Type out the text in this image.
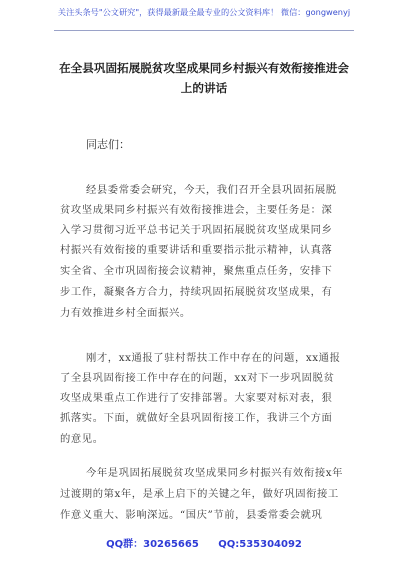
关注头条号"公文研究"，获得最新最全最专业的公文资料库！ 微信：gongwenyj
在全县巩固拓展脱贫攻坚成果同乡村振兴有效衔接推进会
上的讲话
同志们：
经县委常委会研究，今天，我们召开全县巩固拓展脱
贫攻坚成果同乡村振兴有效衔接推进会，主要任务是：深
入学习贯彻习近平总书记关于巩固拓展脱贫攻坚成果同乡
村振兴有效衔接的重要讲话和重要指示批示精神，认真落
实全省、全市巩固衔接会议精神，聚焦重点任务，安排下
步工作，凝聚各方合力，持续巩固拓展脱贫攻坚成果，有
力有效推进乡村全面振兴。
刚才，xx通报了驻村帮扶工作中存在的问题，xx通报
了全县巩固衔接工作中存在的问题，xx对下一步巩固脱贫
攻坚成果重点工作进行了安排部署。大家要对标对表，狠
抓落实。下面，就做好全县巩固衔接工作，我讲三个方面
的意见。
今年是巩固拓展脱贫攻坚成果同乡村振兴有效衔接x年
过渡期的第x年，是承上启下的关键之年，做好巩固衔接工
作意义重大、影响深远。“国庆”节前，县委常委会就巩
QQ群：30265665 QQ:535304092
